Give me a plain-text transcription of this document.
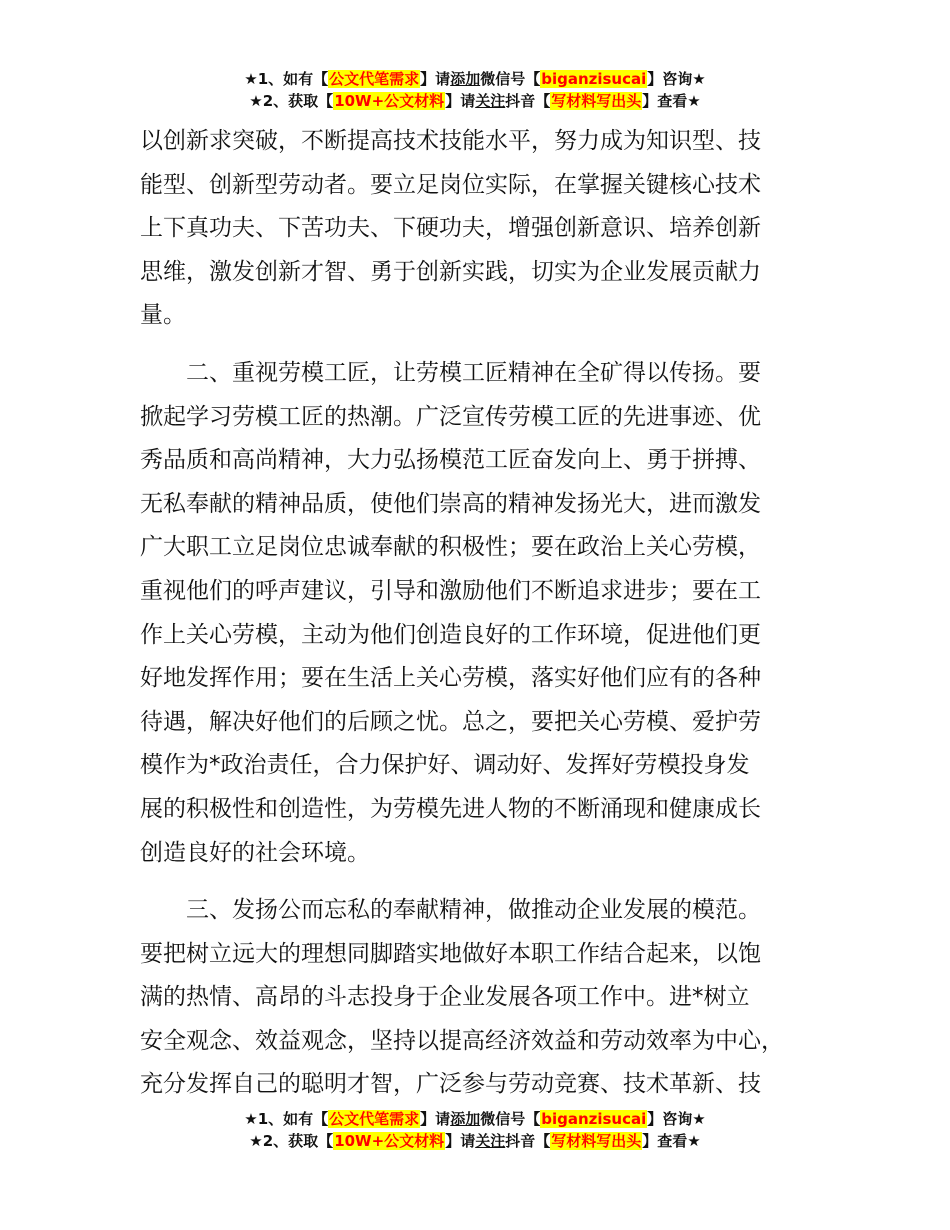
★1、如有【公文代笔需求】请添加微信号【biganzisucai】咨询★
★2、获取【10W+公文材料】请关注抖音【写材料写出头】查看★

以创新求突破，不断提高技术技能水平，努力成为知识型、技

能型、创新型劳动者。要立足岗位实际，在掌握关键核心技术

上下真功夫、下苦功夫、下硬功夫，增强创新意识、培养创新

思维，激发创新才智、勇于创新实践，切实为企业发展贡献力

量。

二、重视劳模工匠，让劳模工匠精神在全矿得以传扬。要

掀起学习劳模工匠的热潮。广泛宣传劳模工匠的先进事迹、优

秀品质和高尚精神，大力弘扬模范工匠奋发向上、勇于拼搏、

无私奉献的精神品质，使他们崇高的精神发扬光大，进而激发

广大职工立足岗位忠诚奉献的积极性；要在政治上关心劳模，

重视他们的呼声建议，引导和激励他们不断追求进步；要在工

作上关心劳模，主动为他们创造良好的工作环境，促进他们更

好地发挥作用；要在生活上关心劳模，落实好他们应有的各种

待遇，解决好他们的后顾之忧。总之，要把关心劳模、爱护劳

模作为*政治责任，合力保护好、调动好、发挥好劳模投身发

展的积极性和创造性，为劳模先进人物的不断涌现和健康成长

创造良好的社会环境。

三、发扬公而忘私的奉献精神，做推动企业发展的模范。

要把树立远大的理想同脚踏实地做好本职工作结合起来，以饱

满的热情、高昂的斗志投身于企业发展各项工作中。进*树立

安全观念、效益观念，坚持以提高经济效益和劳动效率为中心，

充分发挥自己的聪明才智，广泛参与劳动竞赛、技术革新、技

★1、如有【公文代笔需求】请添加微信号【biganzisucai】咨询★
★2、获取【10W+公文材料】请关注抖音【写材料写出头】查看★
